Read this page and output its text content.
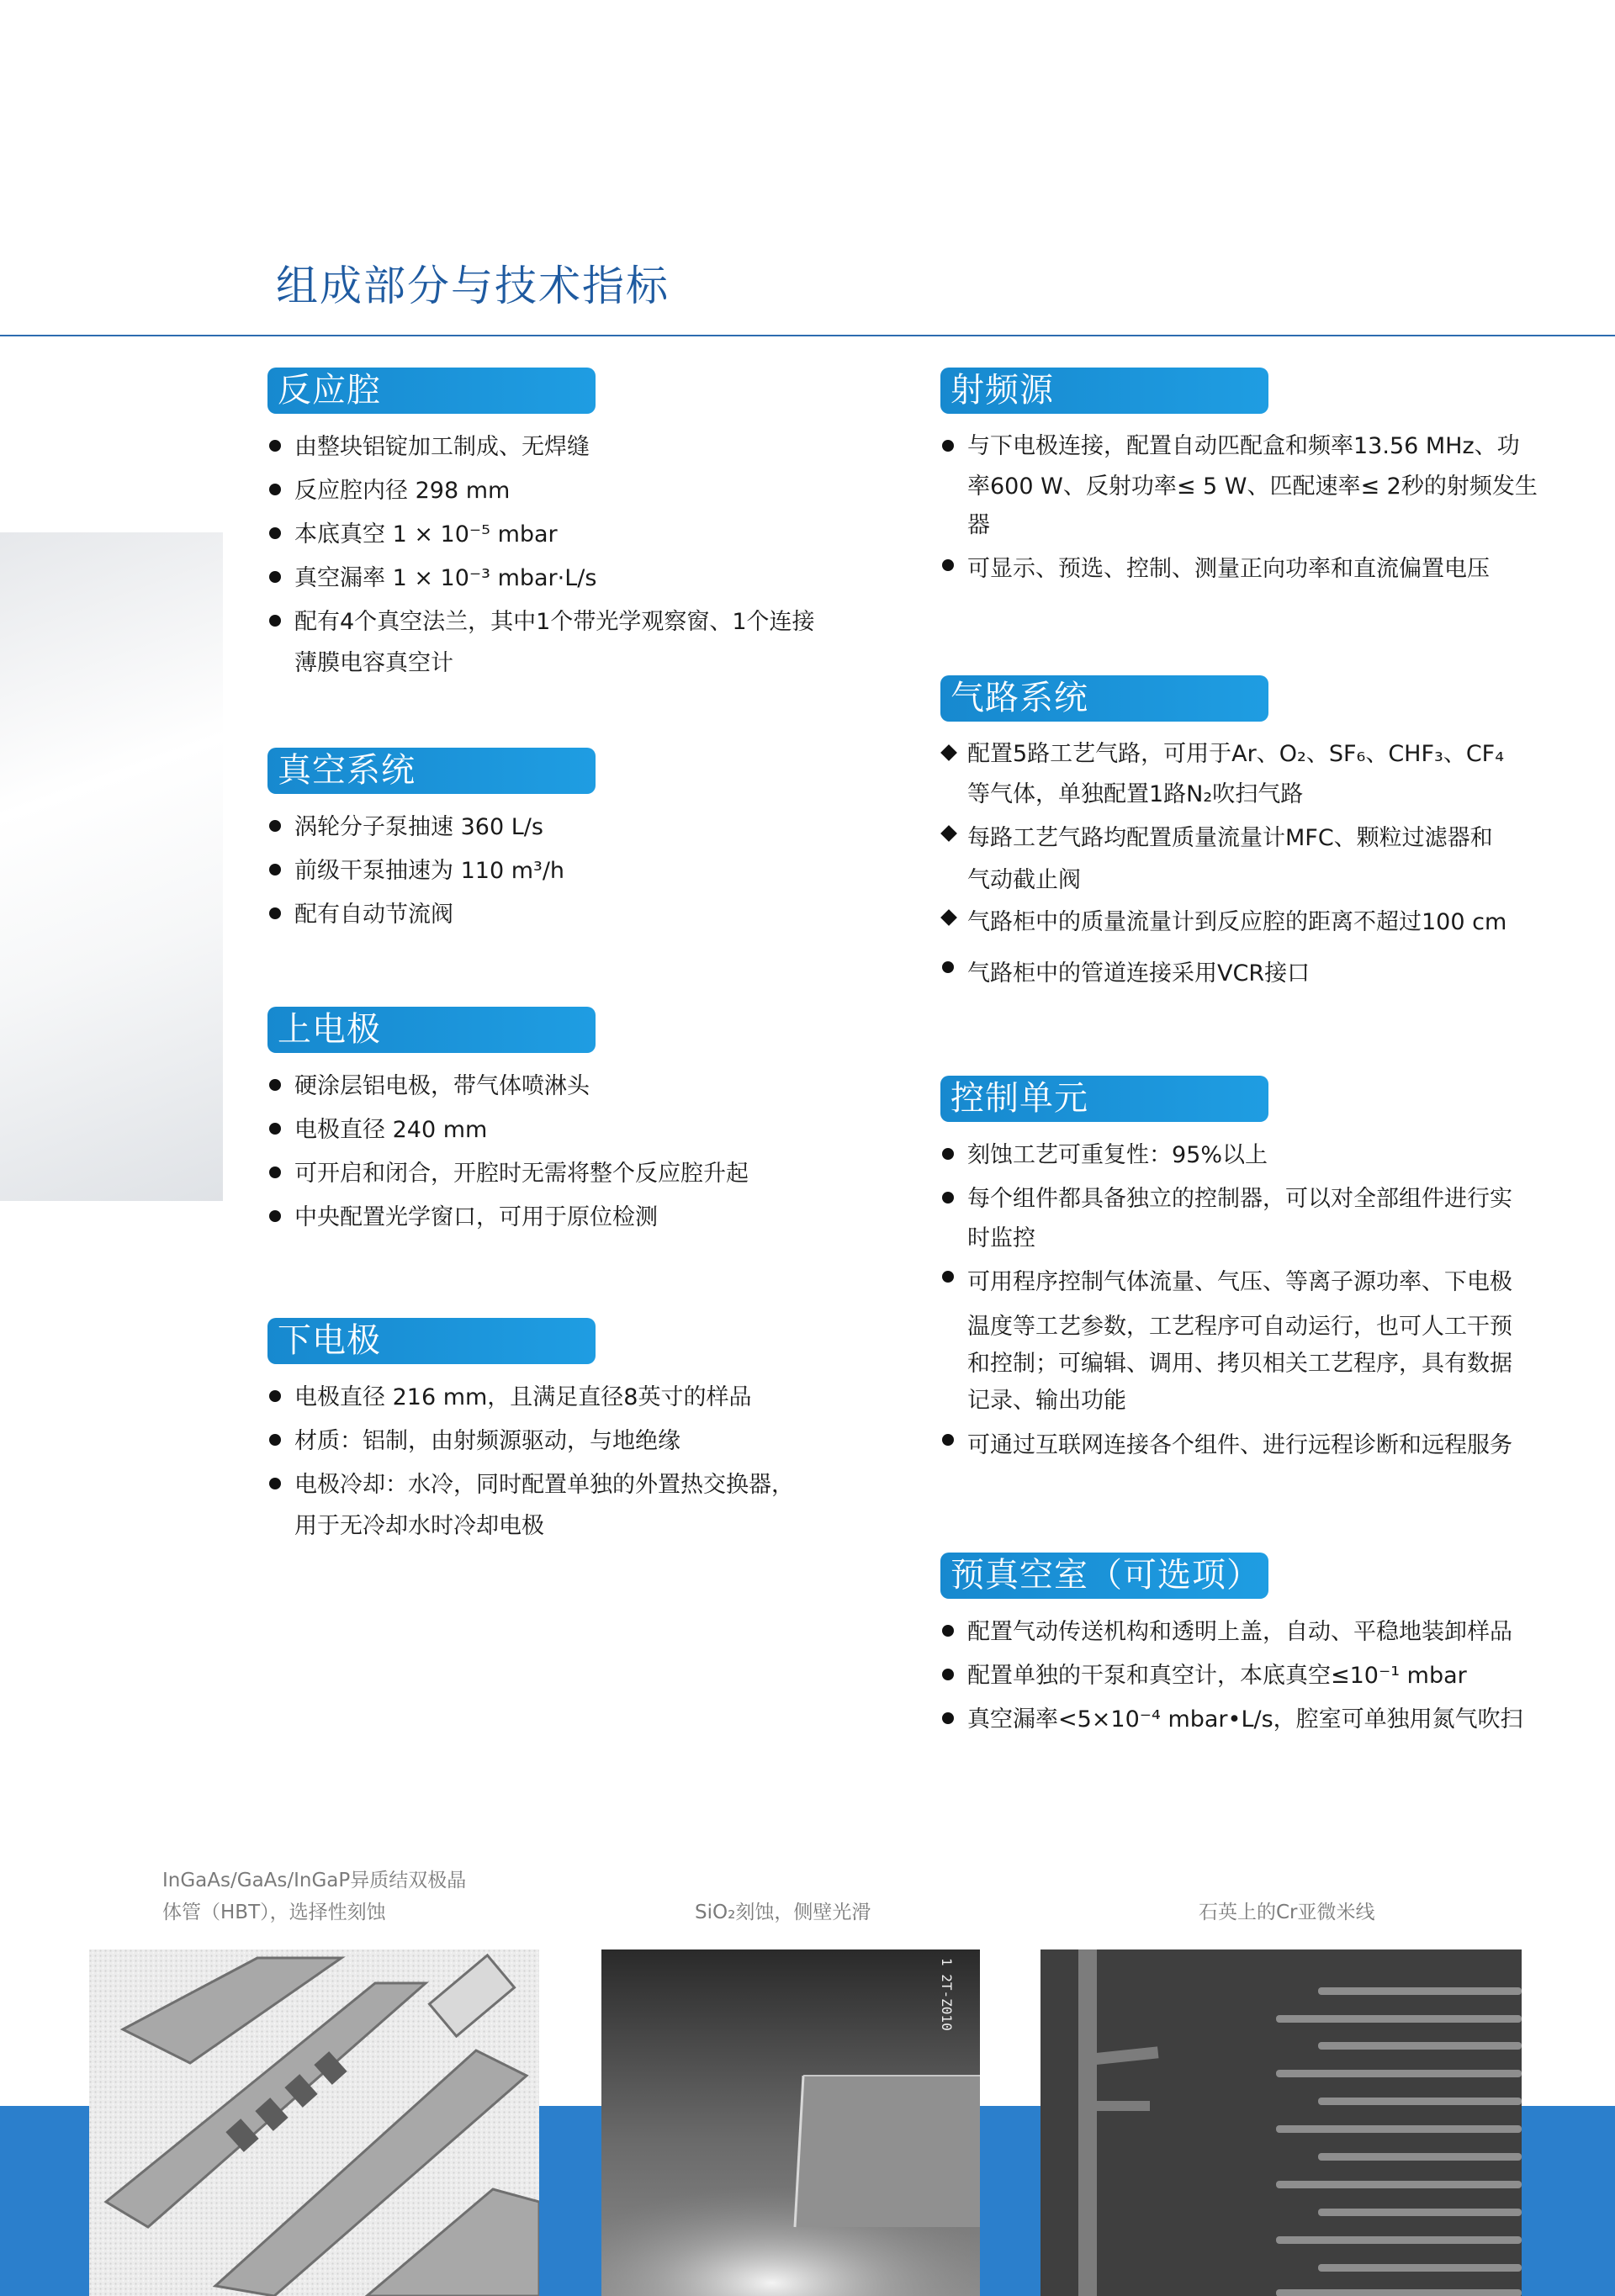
组成部分与技术指标
反应腔
由整块铝锭加工制成、无焊缝
反应腔内径 298 mm
本底真空 1 × 10⁻⁵ mbar
真空漏率 1 × 10⁻³ mbar·L/s
配有4个真空法兰，其中1个带光学观察窗、1个连接
薄膜电容真空计
真空系统
涡轮分子泵抽速 360 L/s
前级干泵抽速为 110 m³/h
配有自动节流阀
上电极
硬涂层铝电极，带气体喷淋头
电极直径 240 mm
可开启和闭合，开腔时无需将整个反应腔升起
中央配置光学窗口，可用于原位检测
下电极
电极直径 216 mm，且满足直径8英寸的样品
材质：铝制，由射频源驱动，与地绝缘
电极冷却：水冷，同时配置单独的外置热交换器，
用于无冷却水时冷却电极
射频源
与下电极连接，配置自动匹配盒和频率13.56 MHz、功
率600 W、反射功率≤ 5 W、匹配速率≤ 2秒的射频发生
器
可显示、预选、控制、测量正向功率和直流偏置电压
气路系统
配置5路工艺气路，可用于Ar、O₂、SF₆、CHF₃、CF₄
等气体，单独配置1路N₂吹扫气路
每路工艺气路均配置质量流量计MFC、颗粒过滤器和
气动截止阀
气路柜中的质量流量计到反应腔的距离不超过100 cm
气路柜中的管道连接采用VCR接口
控制单元
刻蚀工艺可重复性：95%以上
每个组件都具备独立的控制器，可以对全部组件进行实
时监控
可用程序控制气体流量、气压、等离子源功率、下电极
温度等工艺参数，工艺程序可自动运行，也可人工干预
和控制；可编辑、调用、拷贝相关工艺程序，具有数据
记录、输出功能
可通过互联网连接各个组件、进行远程诊断和远程服务
预真空室（可选项）
配置气动传送机构和透明上盖，自动、平稳地装卸样品
配置单独的干泵和真空计，本底真空≤10⁻¹ mbar
真空漏率<5×10⁻⁴ mbar•L/s，腔室可单独用氮气吹扫
InGaAs/GaAs/InGaP异质结双极晶
体管（HBT），选择性刻蚀	SiO₂刻蚀，侧壁光滑	石英上的Cr亚微米线
1 2T-Z010
